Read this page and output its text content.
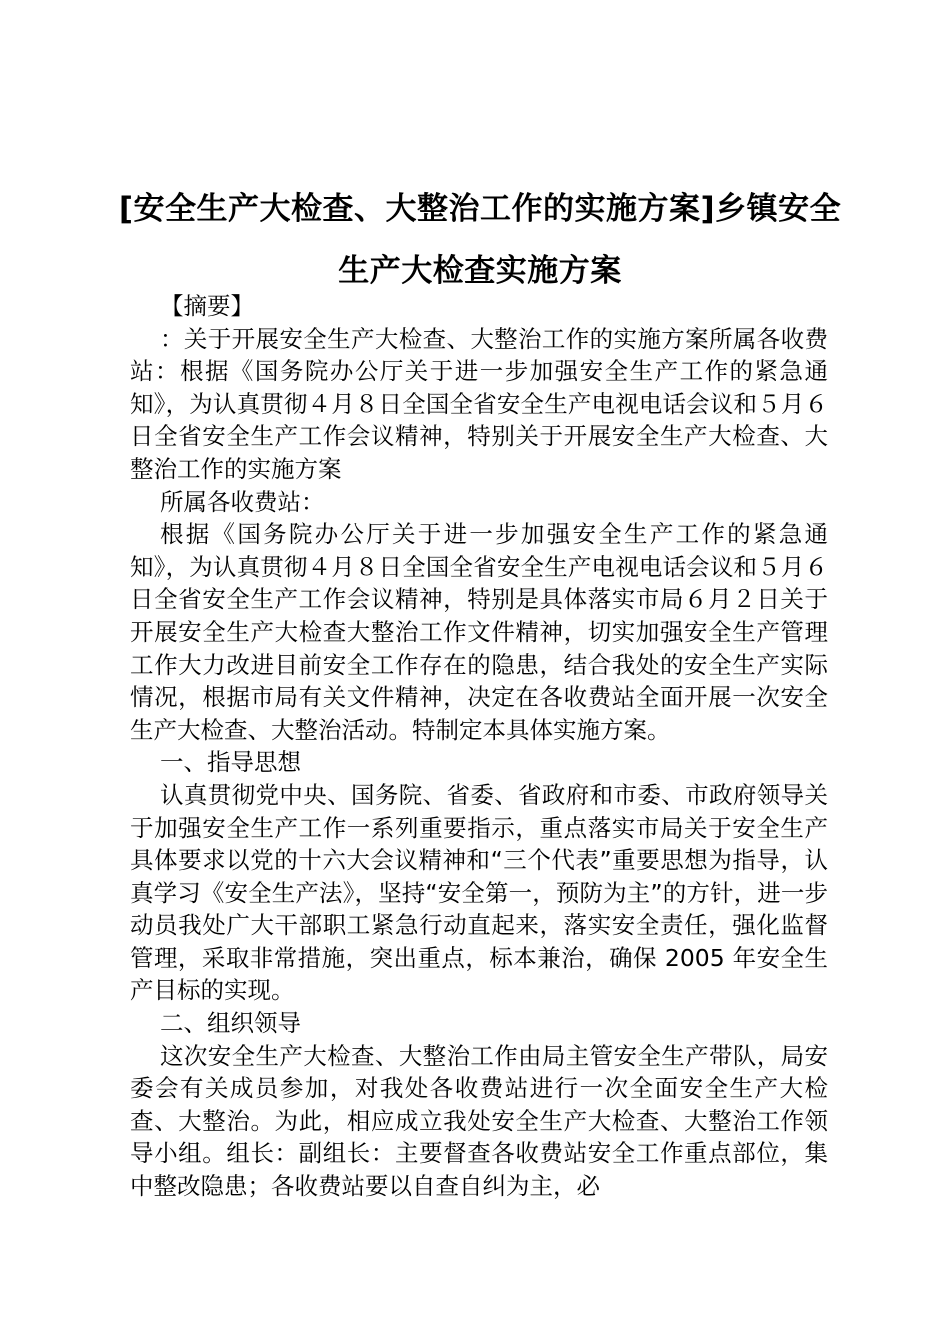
[安全生产大检查、大整治工作的实施方案]乡镇安全生产大检查实施方案

【摘要】

：关于开展安全生产大检查、大整治工作的实施方案所属各收费站：根据《国务院办公厅关于进一步加强安全生产工作的紧急通知》，为认真贯彻４月８日全国全省安全生产电视电话会议和５月６日全省安全生产工作会议精神，特别关于开展安全生产大检查、大整治工作的实施方案

所属各收费站：

根据《国务院办公厅关于进一步加强安全生产工作的紧急通知》，为认真贯彻４月８日全国全省安全生产电视电话会议和５月６日全省安全生产工作会议精神，特别是具体落实市局６月２日关于开展安全生产大检查大整治工作文件精神，切实加强安全生产管理工作大力改进目前安全工作存在的隐患，结合我处的安全生产实际情况，根据市局有关文件精神，决定在各收费站全面开展一次安全生产大检查、大整治活动。特制定本具体实施方案。

一、指导思想

认真贯彻党中央、国务院、省委、省政府和市委、市政府领导关于加强安全生产工作一系列重要指示，重点落实市局关于安全生产具体要求以党的十六大会议精神和“三个代表”重要思想为指导，认真学习《安全生产法》，坚持“安全第一，预防为主”的方针，进一步动员我处广大干部职工紧急行动直起来，落实安全责任，强化监督管理，采取非常措施，突出重点，标本兼治，确保 2005 年安全生产目标的实现。

二、组织领导

这次安全生产大检查、大整治工作由局主管安全生产带队，局安委会有关成员参加，对我处各收费站进行一次全面安全生产大检查、大整治。为此，相应成立我处安全生产大检查、大整治工作领导小组。组长：副组长：主要督查各收费站安全工作重点部位，集中整改隐患；各收费站要以自查自纠为主，必
